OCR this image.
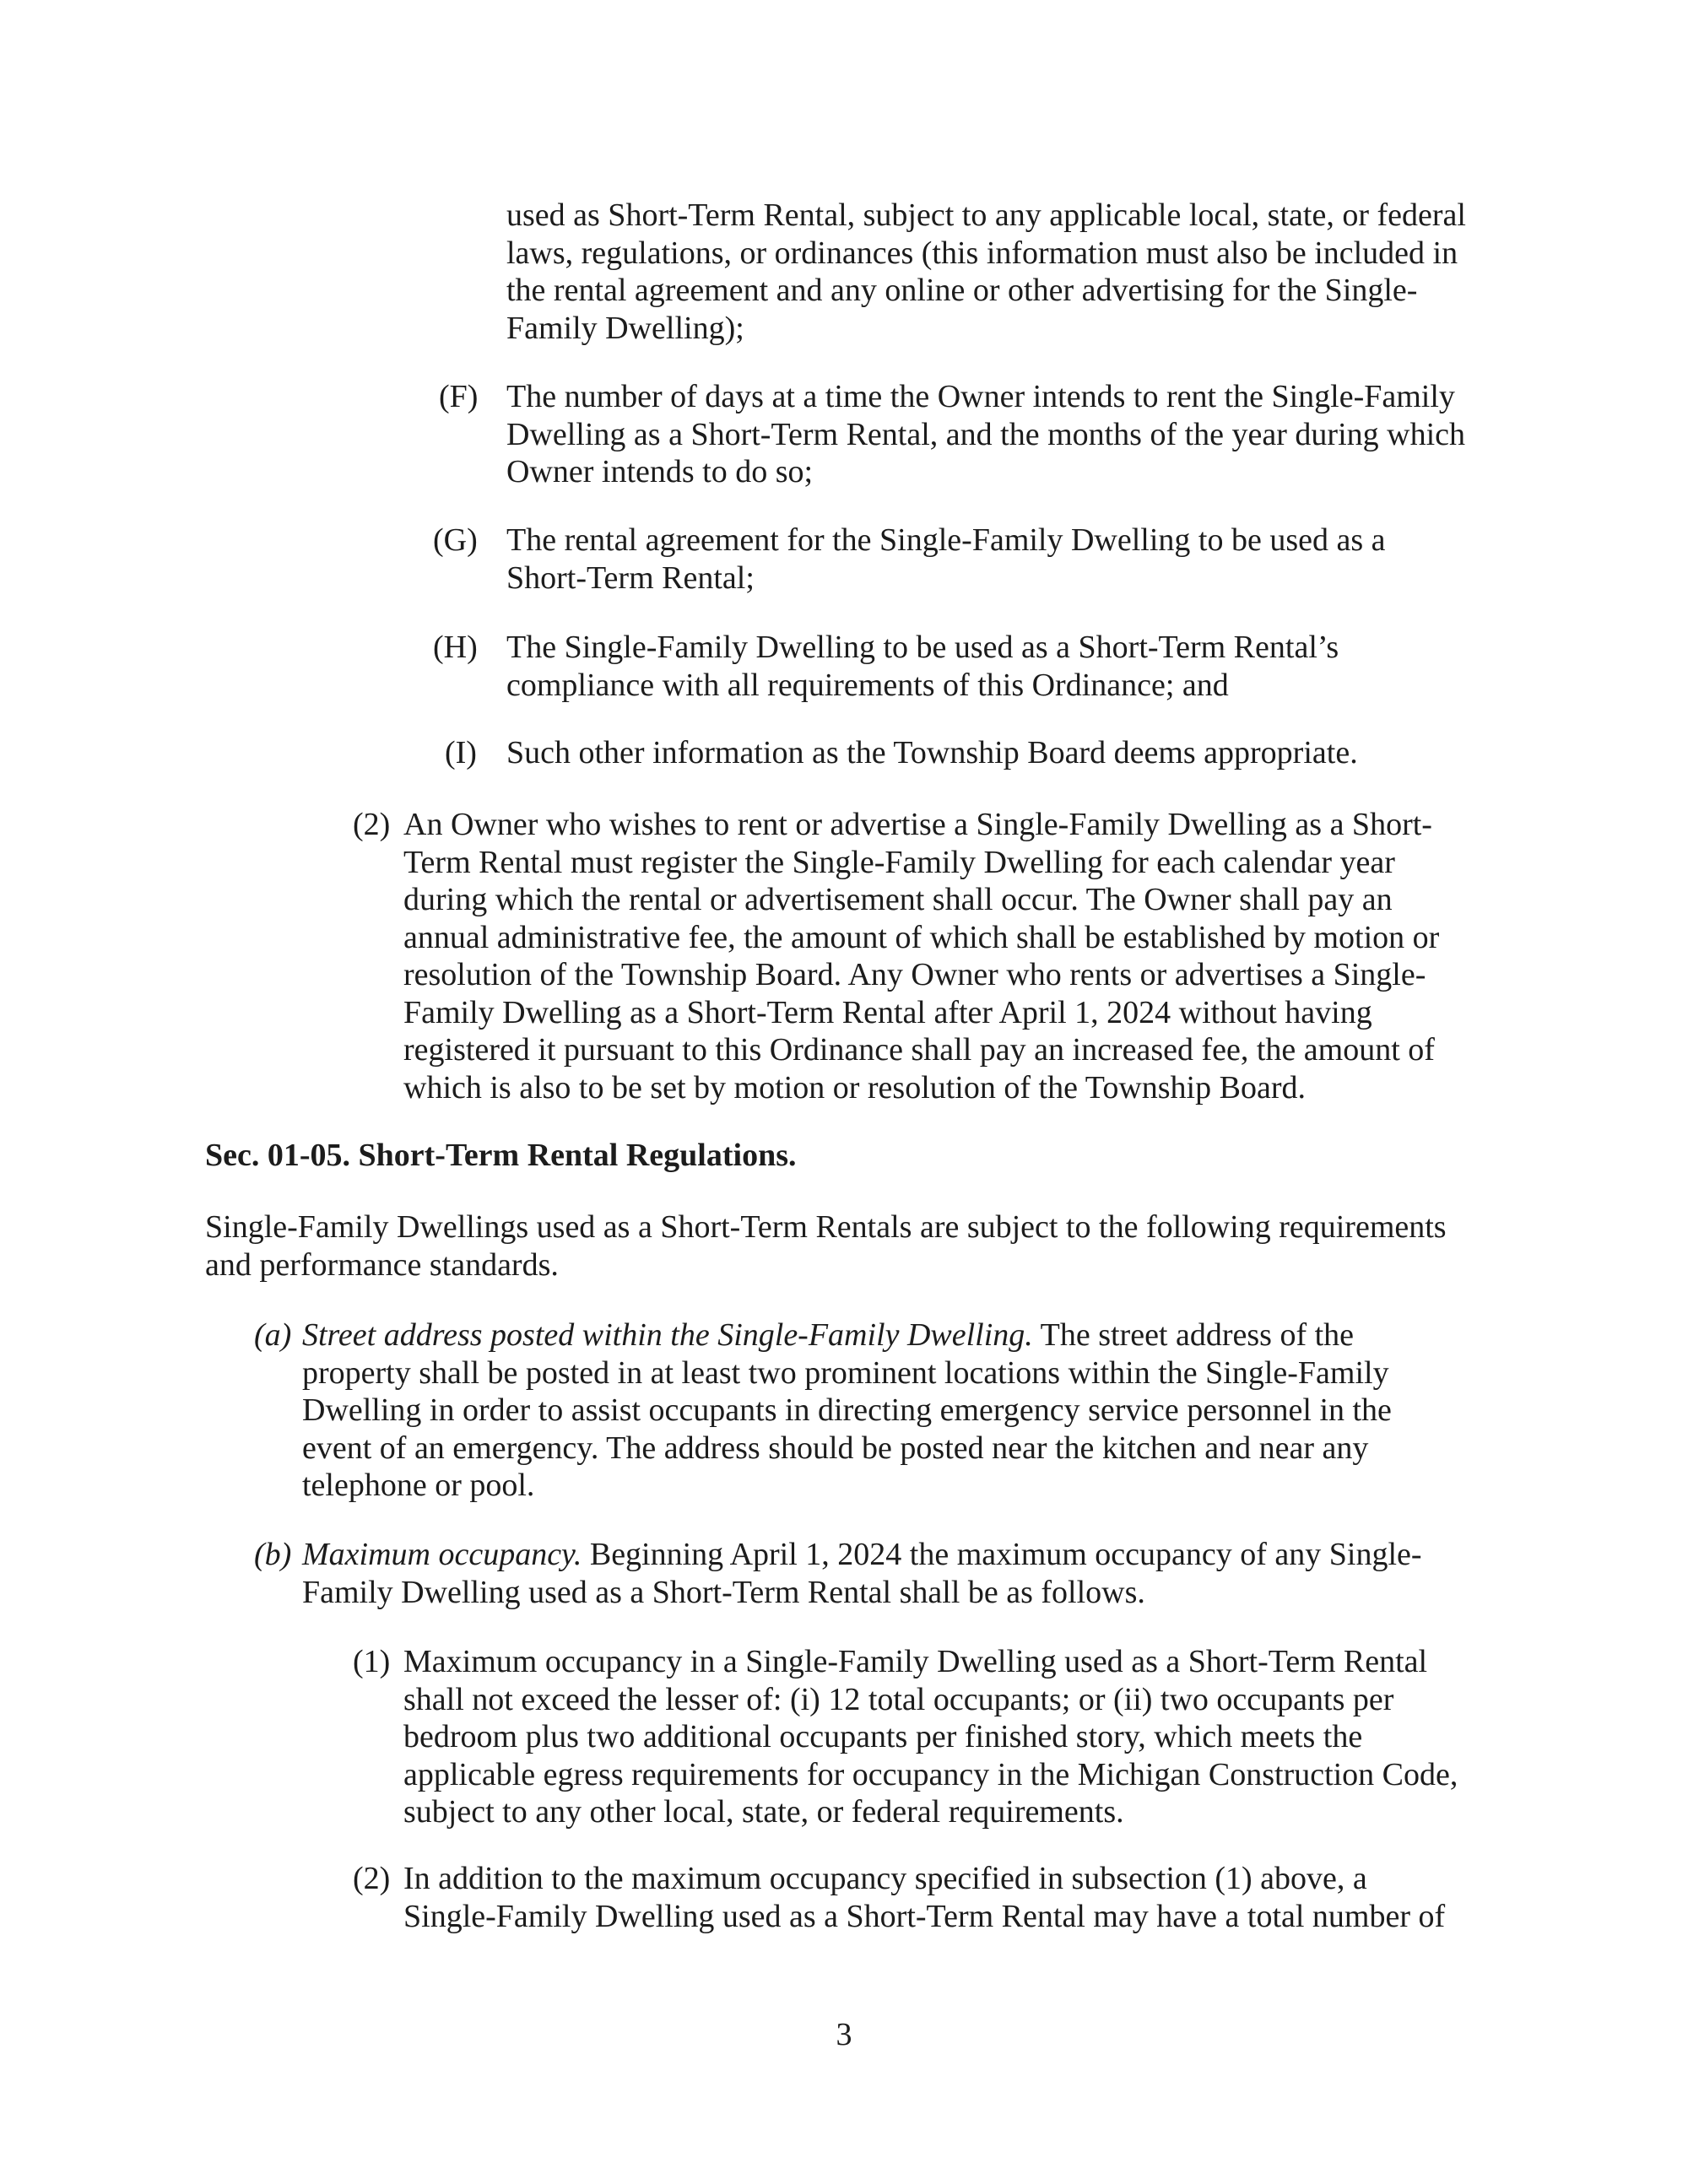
used as Short-Term Rental, subject to any applicable local, state, or federal
laws, regulations, or ordinances (this information must also be included in
the rental agreement and any online or other advertising for the Single-
Family Dwelling);
(F) The number of days at a time the Owner intends to rent the Single-Family
Dwelling as a Short-Term Rental, and the months of the year during which
Owner intends to do so;
(G) The rental agreement for the Single-Family Dwelling to be used as a
Short-Term Rental;
(H) The Single-Family Dwelling to be used as a Short-Term Rental’s
compliance with all requirements of this Ordinance; and
(I) Such other information as the Township Board deems appropriate.
(2) An Owner who wishes to rent or advertise a Single-Family Dwelling as a Short-
Term Rental must register the Single-Family Dwelling for each calendar year
during which the rental or advertisement shall occur. The Owner shall pay an
annual administrative fee, the amount of which shall be established by motion or
resolution of the Township Board. Any Owner who rents or advertises a Single-
Family Dwelling as a Short-Term Rental after April 1, 2024 without having
registered it pursuant to this Ordinance shall pay an increased fee, the amount of
which is also to be set by motion or resolution of the Township Board.
Sec. 01-05. Short-Term Rental Regulations.
Single-Family Dwellings used as a Short-Term Rentals are subject to the following requirements
and performance standards.
(a) Street address posted within the Single-Family Dwelling. The street address of the
property shall be posted in at least two prominent locations within the Single-Family
Dwelling in order to assist occupants in directing emergency service personnel in the
event of an emergency. The address should be posted near the kitchen and near any
telephone or pool.
(b) Maximum occupancy. Beginning April 1, 2024 the maximum occupancy of any Single-
Family Dwelling used as a Short-Term Rental shall be as follows.
(1) Maximum occupancy in a Single-Family Dwelling used as a Short-Term Rental
shall not exceed the lesser of: (i) 12 total occupants; or (ii) two occupants per
bedroom plus two additional occupants per finished story, which meets the
applicable egress requirements for occupancy in the Michigan Construction Code,
subject to any other local, state, or federal requirements.
(2) In addition to the maximum occupancy specified in subsection (1) above, a
Single-Family Dwelling used as a Short-Term Rental may have a total number of
3
